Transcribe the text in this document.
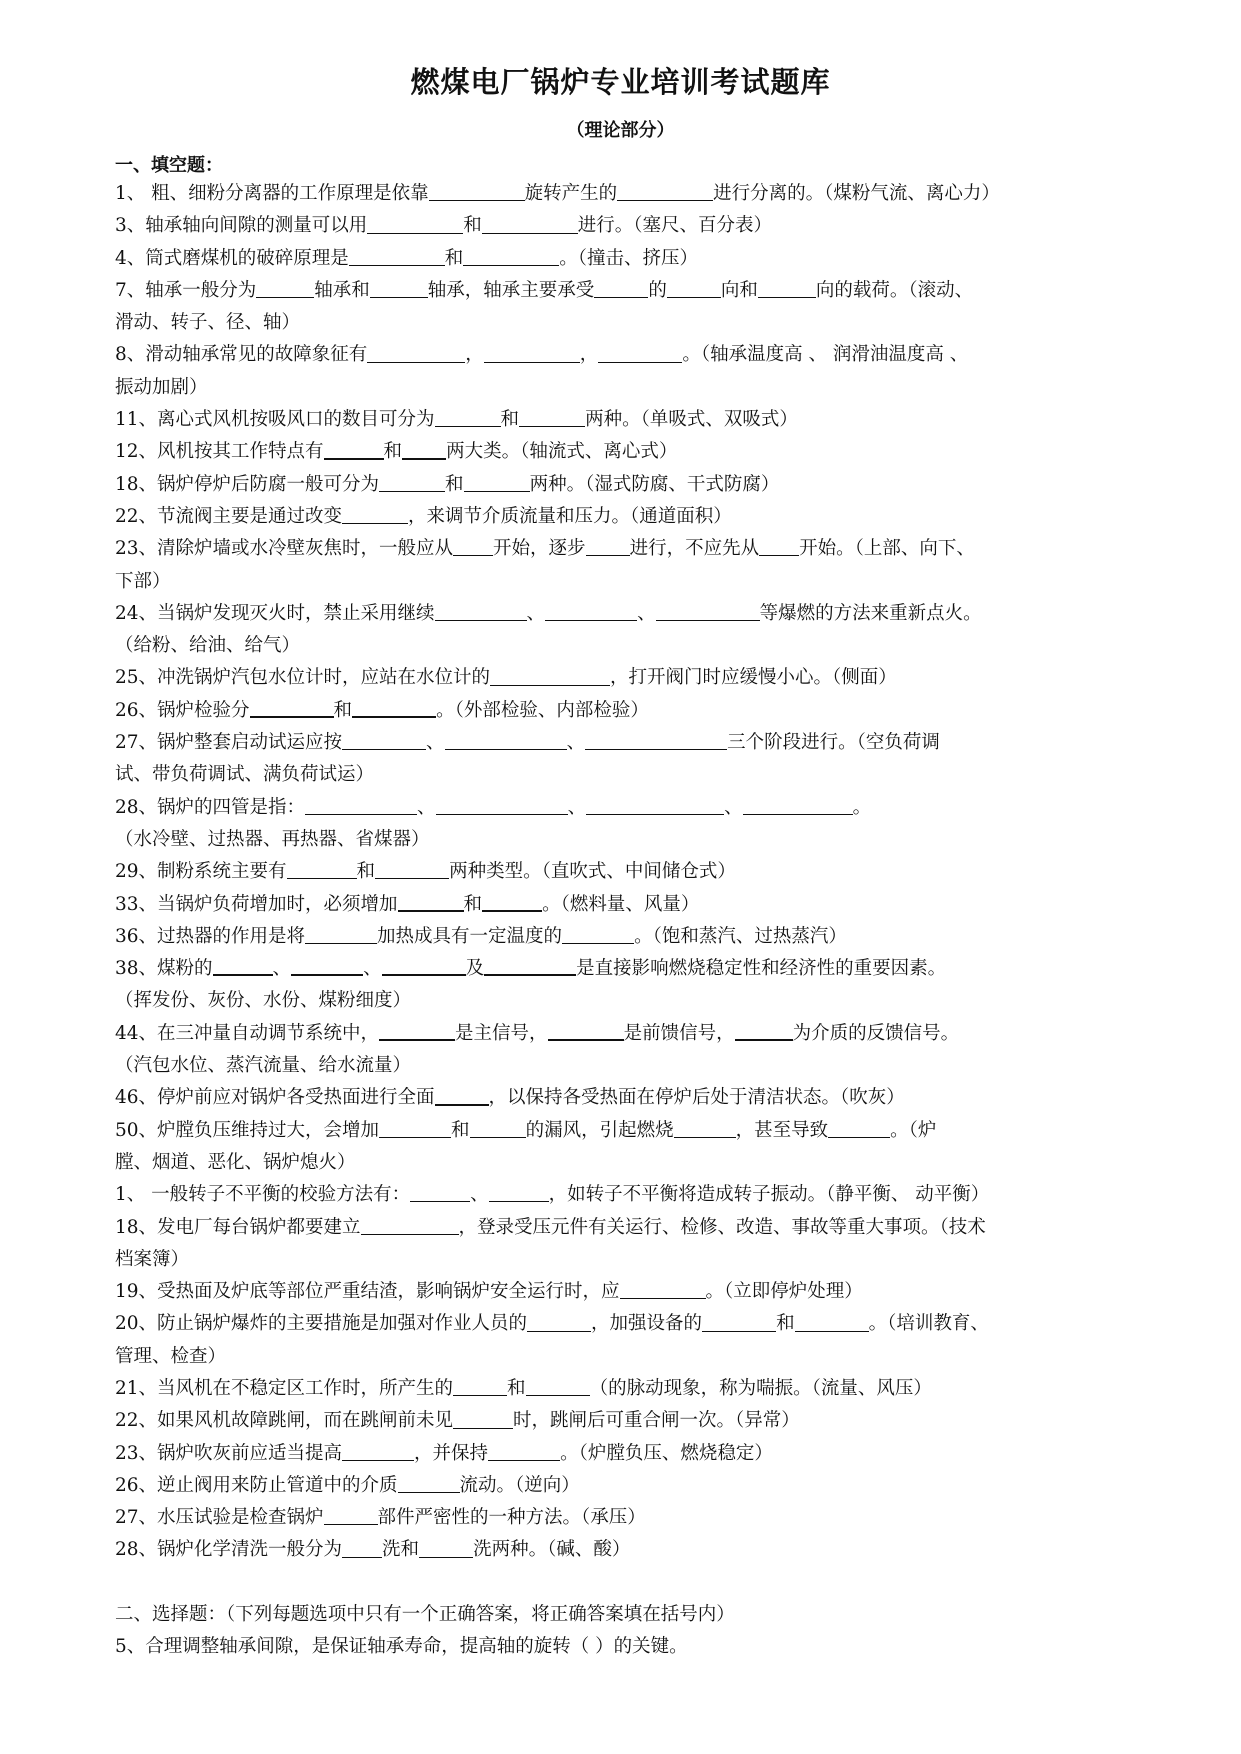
燃煤电厂锅炉专业培训考试题库
（理论部分）
一、填空题：
1、 粗、细粉分离器的工作原理是依靠	旋转产生的	进行分离的。（煤粉气流、离心力）
3、轴承轴向间隙的测量可以用	和	进行。（塞尺、百分表）
4、筒式磨煤机的破碎原理是	和	。（撞击、挤压）
7、轴承一般分为	轴承和	轴承，轴承主要承受	的	向和	向的载荷。（滚动、
滑动、转子、径、轴）
8、滑动轴承常见的故障象征有	，	，	。（轴承温度高 、 润滑油温度高 、
振动加剧）
11、离心式风机按吸风口的数目可分为	和	两种。（单吸式、双吸式）
12、风机按其工作特点有	和 两大类。（轴流式、离心式）
18、锅炉停炉后防腐一般可分为	和	两种。（湿式防腐、干式防腐）
22、节流阀主要是通过改变	，来调节介质流量和压力。（通道面积）
23、清除炉墙或水冷壁灰焦时，一般应从 开始，逐步 进行，不应先从 开始。（上部、向下、
下部）
24、当锅炉发现灭火时，禁止采用继续	、	、	等爆燃的方法来重新点火。
（给粉、给油、给气）
25、冲洗锅炉汽包水位计时，应站在水位计的	，打开阀门时应缓慢小心。（侧面）
26、锅炉检验分	和	。（外部检验、内部检验）
27、锅炉整套启动试运应按	、	、	三个阶段进行。（空负荷调
试、带负荷调试、满负荷试运）
28、锅炉的四管是指：	、	、	、	。
（水冷壁、过热器、再热器、省煤器）
29、制粉系统主要有	和	两种类型。（直吹式、中间储仓式）
33、当锅炉负荷增加时，必须增加	和	。（燃料量、风量）
36、过热器的作用是将	加热成具有一定温度的	。（饱和蒸汽、过热蒸汽）
38、煤粉的	、	、	及	是直接影响燃烧稳定性和经济性的重要因素。
（挥发份、灰份、水份、煤粉细度）
44、在三冲量自动调节系统中，	是主信号，	是前馈信号，	为介质的反馈信号。
（汽包水位、蒸汽流量、给水流量）
46、停炉前应对锅炉各受热面进行全面	，以保持各受热面在停炉后处于清洁状态。（吹灰）
50、炉膛负压维持过大，会增加	和	的漏风，引起燃烧	，甚至导致	。（炉
膛、烟道、恶化、锅炉熄火）
1、 一般转子不平衡的校验方法有：	、	，如转子不平衡将造成转子振动。（静平衡、 动平衡）
18、发电厂每台锅炉都要建立	，登录受压元件有关运行、检修、改造、事故等重大事项。（技术
档案簿）
19、受热面及炉底等部位严重结渣，影响锅炉安全运行时，应	。（立即停炉处理）
20、防止锅炉爆炸的主要措施是加强对作业人员的	，加强设备的	和	。（培训教育、
管理、检查）
21、当风机在不稳定区工作时，所产生的	和	（的脉动现象，称为喘振。（流量、风压）
22、如果风机故障跳闸，而在跳闸前未见	时，跳闸后可重合闸一次。（异常）
23、锅炉吹灰前应适当提高	，并保持	。（炉膛负压、燃烧稳定）
26、逆止阀用来防止管道中的介质	流动。（逆向）
27、水压试验是检查锅炉	部件严密性的一种方法。（承压）
28、锅炉化学清洗一般分为 洗和	洗两种。（碱、酸）
二、选择题：（下列每题选项中只有一个正确答案，将正确答案填在括号内）
5、合理调整轴承间隙，是保证轴承寿命，提高轴的旋转（ ）的关键。
